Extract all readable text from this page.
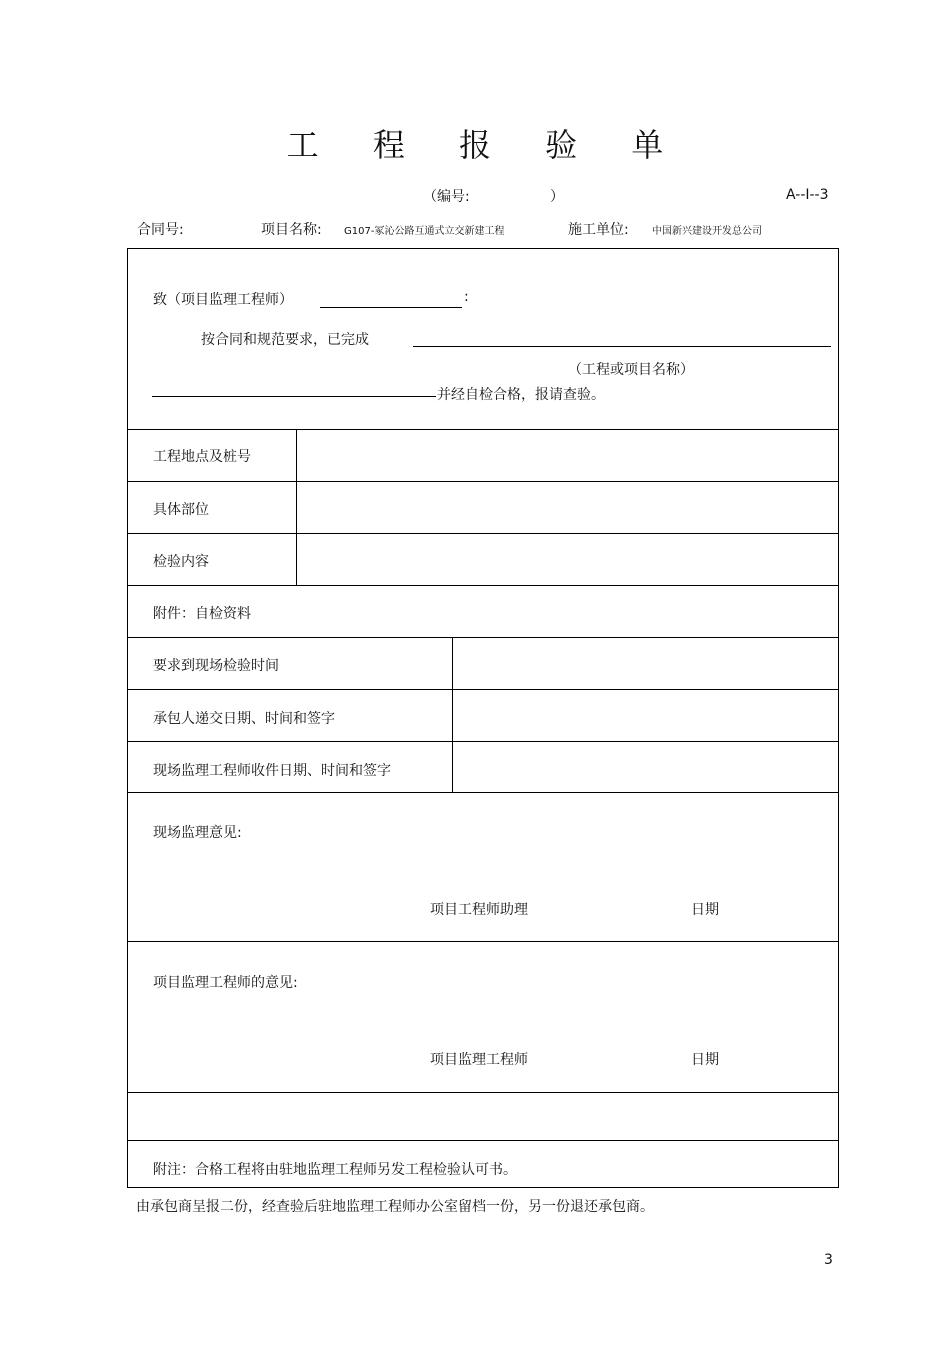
工 程 报 验 单
（编号:	）	A--I--3
合同号:	项目名称: G107-冢沁公路互通式立交新建工程	施工单位: 中国新兴建设开发总公司
致（项目监理工程师）	:
按合同和规范要求，已完成
（工程或项目名称）
并经自检合格，报请查验。
工程地点及桩号
具体部位
检验内容
附件：自检资料
要求到现场检验时间
承包人递交日期、时间和签字
现场监理工程师收件日期、时间和签字
现场监理意见:
项目工程师助理	日期
项目监理工程师的意见:
项目监理工程师	日期
附注：合格工程将由驻地监理工程师另发工程检验认可书。
由承包商呈报二份，经查验后驻地监理工程师办公室留档一份，另一份退还承包商。
3
